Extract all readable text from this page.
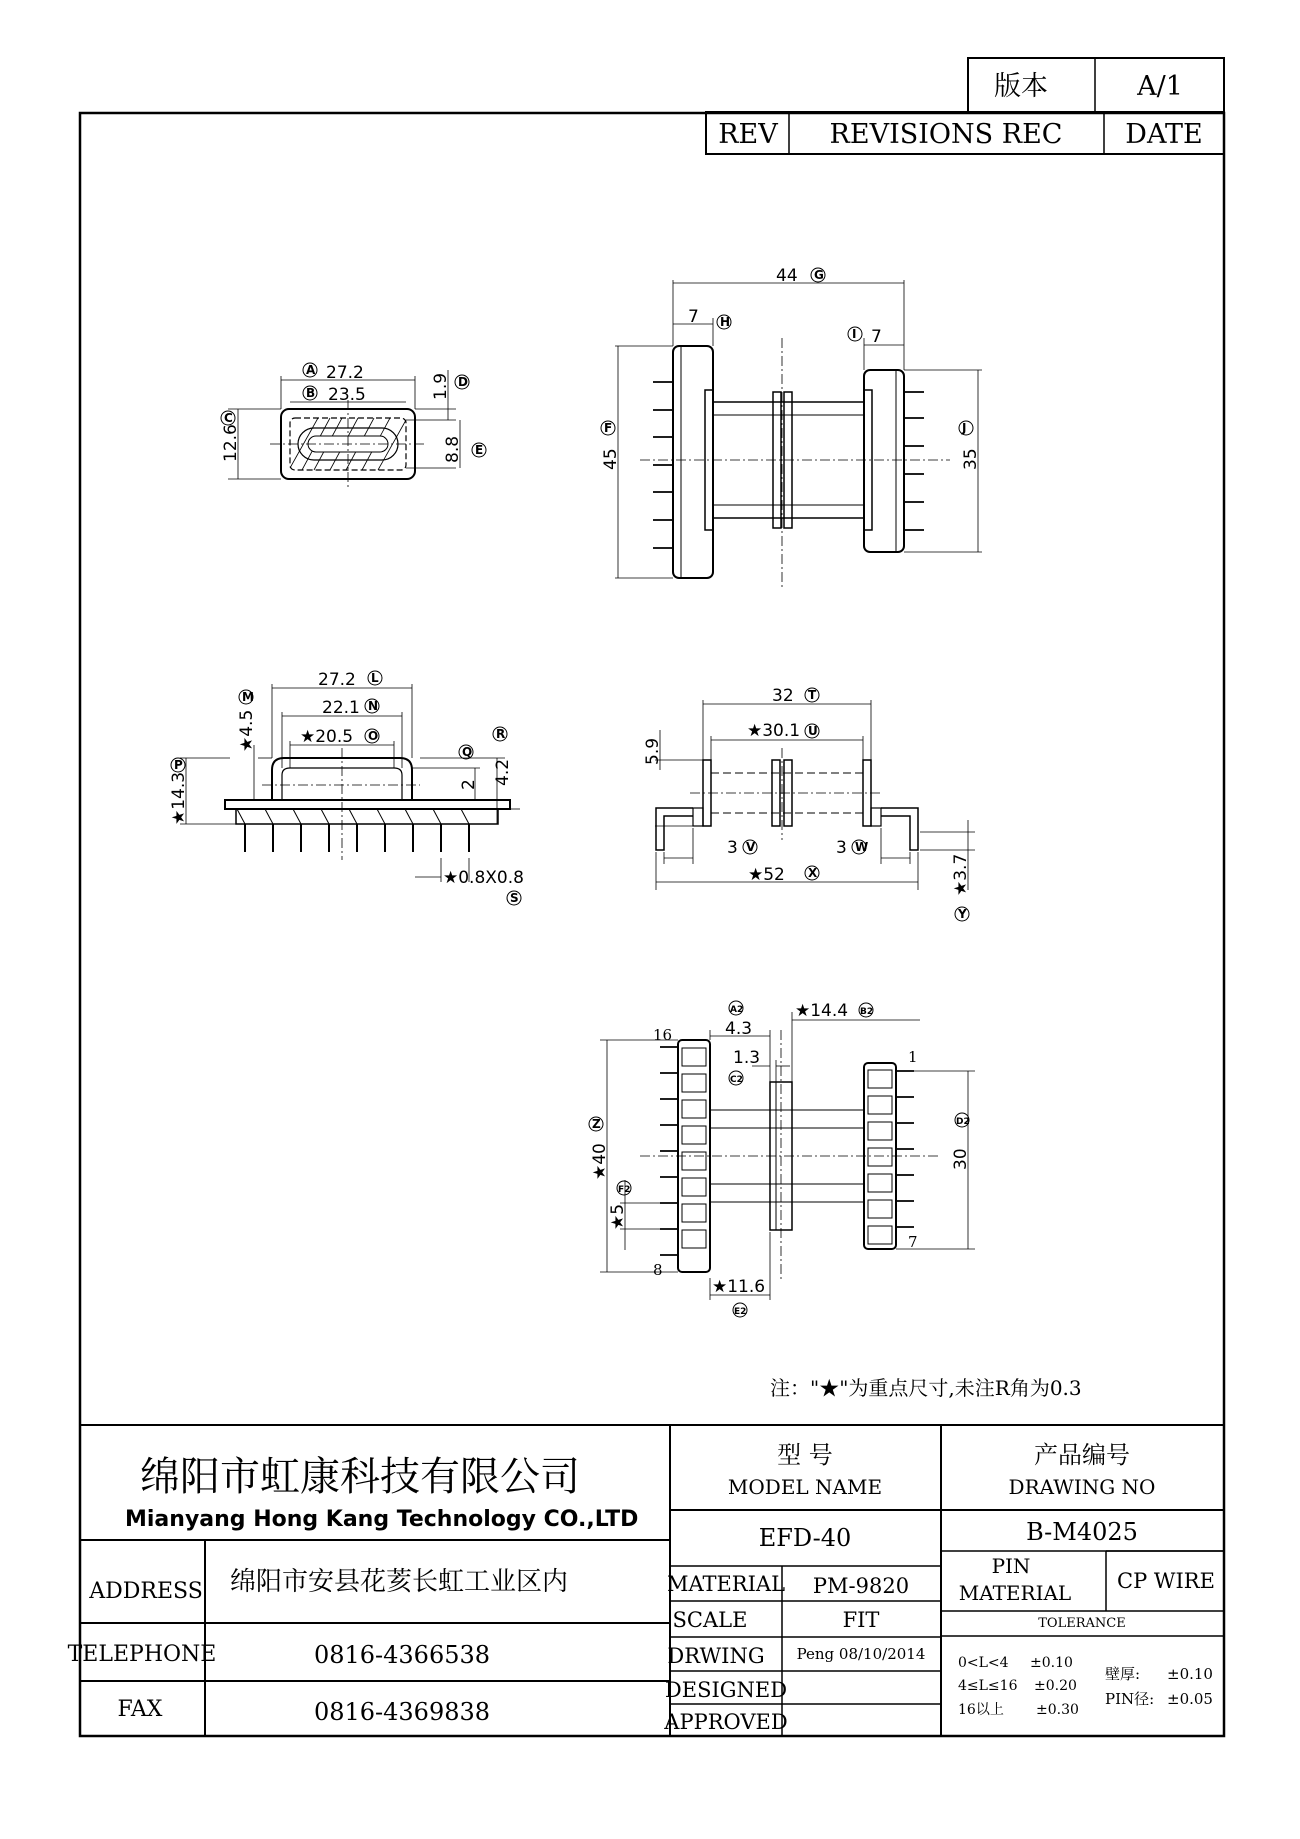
版本	A/1
REV REVISIONS REC DATE
27.2
A
23.5
B
12.6
C
1.9 D
8.8 E
44 G
7 H
I 7
45
F
35
J
27.2 L
22.1 N
★20.5 O
★4.5
M
★14.3
P
2
Q
4.2
R
★0.8X0.8
S
32 T
★30.1 U
5.9
3 V	3 W
★52 X	★3.7
Y
4.3
A2	★14.4 B2
1.3
C2
30
D2
★40
Z
★5
F2
★11.6
E2
16
1
8
7
注："★"为重点尺寸,未注R角为0.3
绵阳市虹康科技有限公司
Mianyang Hong Kang Technology CO.,LTD
ADDRESS 绵阳市安县花荄长虹工业区内
TELEPHONE	0816-4366538
FAX	0816-4369838
型 号
MODEL NAME
EFD-40
产品编号
DRAWING NO
B-M4025
MATERIAL PM-9820
SCALE	FIT
DRWING Peng 08/10/2014
DESIGNED
APPROVED
PIN
MATERIAL CP WIRE
TOLERANCE
0<L<4 ±0.10
4≤L≤16 ±0.20
16以上 ±0.30
壁厚: ±0.10
PIN径: ±0.05
